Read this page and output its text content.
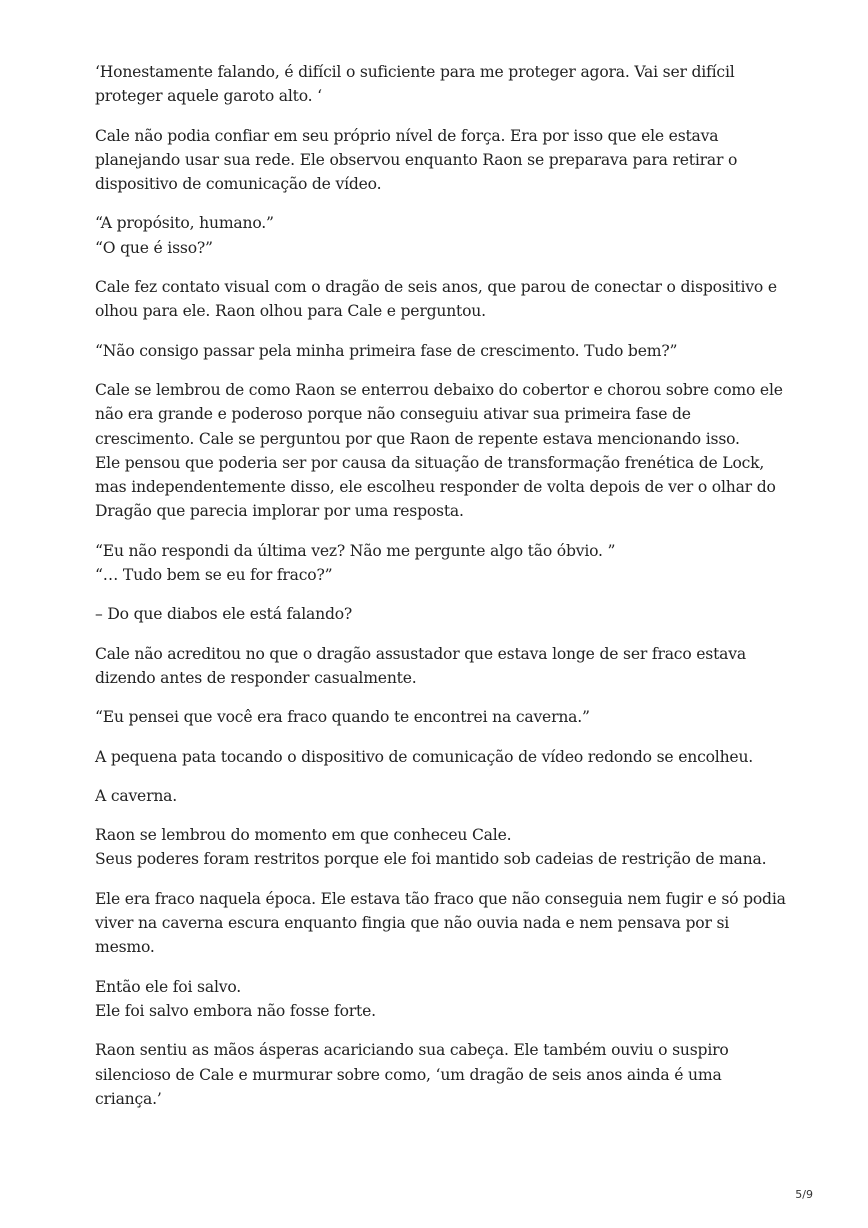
‘Honestamente falando, é difícil o suficiente para me proteger agora. Vai ser difícil
proteger aquele garoto alto. ‘

Cale não podia confiar em seu próprio nível de força. Era por isso que ele estava
planejando usar sua rede. Ele observou enquanto Raon se preparava para retirar o
dispositivo de comunicação de vídeo.

“A propósito, humano.”
“O que é isso?”

Cale fez contato visual com o dragão de seis anos, que parou de conectar o dispositivo e
olhou para ele. Raon olhou para Cale e perguntou.

“Não consigo passar pela minha primeira fase de crescimento. Tudo bem?”

Cale se lembrou de como Raon se enterrou debaixo do cobertor e chorou sobre como ele
não era grande e poderoso porque não conseguiu ativar sua primeira fase de
crescimento. Cale se perguntou por que Raon de repente estava mencionando isso.
Ele pensou que poderia ser por causa da situação de transformação frenética de Lock,
mas independentemente disso, ele escolheu responder de volta depois de ver o olhar do
Dragão que parecia implorar por uma resposta.

“Eu não respondi da última vez? Não me pergunte algo tão óbvio. ”
“… Tudo bem se eu for fraco?”

– Do que diabos ele está falando?

Cale não acreditou no que o dragão assustador que estava longe de ser fraco estava
dizendo antes de responder casualmente.

“Eu pensei que você era fraco quando te encontrei na caverna.”

A pequena pata tocando o dispositivo de comunicação de vídeo redondo se encolheu.

A caverna.

Raon se lembrou do momento em que conheceu Cale.
Seus poderes foram restritos porque ele foi mantido sob cadeias de restrição de mana.

Ele era fraco naquela época. Ele estava tão fraco que não conseguia nem fugir e só podia
viver na caverna escura enquanto fingia que não ouvia nada e nem pensava por si
mesmo.

Então ele foi salvo.
Ele foi salvo embora não fosse forte.

Raon sentiu as mãos ásperas acariciando sua cabeça. Ele também ouviu o suspiro
silencioso de Cale e murmurar sobre como, ‘um dragão de seis anos ainda é uma
criança.’

5/9
